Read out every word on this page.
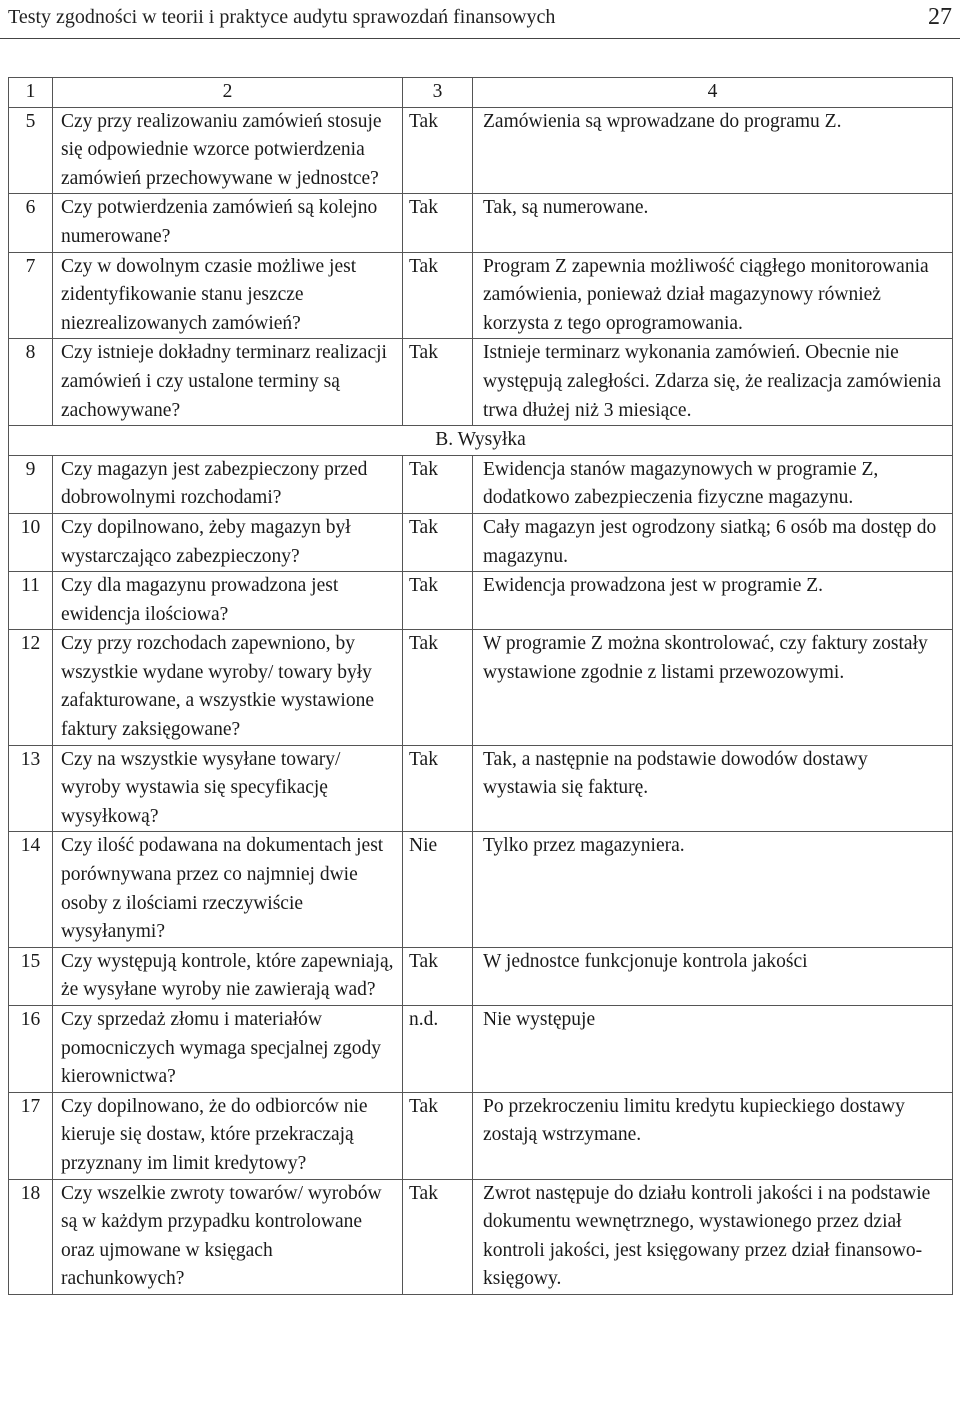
Testy zgodności w teorii i praktyce audytu sprawozdań finansowych	27
1	2	3	4
5	Czy przy realizowaniu zamówień stosuje się odpowiednie wzorce potwierdzenia zamówień przechowywane w jednostce?	Tak	Zamówienia są wprowadzane do programu Z.
6	Czy potwierdzenia zamówień są kolejno numerowane?	Tak	Tak, są numerowane.
7	Czy w dowolnym czasie możliwe jest zidentyfikowanie stanu jeszcze niezrealizowanych zamówień?	Tak	Program Z zapewnia możliwość ciągłego monitorowania zamówienia, ponieważ dział magazynowy również korzysta z tego oprogramowania.
8	Czy istnieje dokładny terminarz realizacji zamówień i czy ustalone terminy są zachowywane?	Tak	Istnieje terminarz wykonania zamówień. Obecnie nie występują zaległości. Zdarza się, że realizacja zamówienia trwa dłużej niż 3 miesiące.
B. Wysyłka			
9	Czy magazyn jest zabezpieczony przed dobrowolnymi rozchodami?	Tak	Ewidencja stanów magazynowych w programie Z, dodatkowo zabezpieczenia fizyczne magazynu.
10	Czy dopilnowano, żeby magazyn był wystarczająco zabezpieczony?	Tak	Cały magazyn jest ogrodzony siatką; 6 osób ma dostęp do magazynu.
11	Czy dla magazynu prowadzona jest ewidencja ilościowa?	Tak	Ewidencja prowadzona jest w programie Z.
12	Czy przy rozchodach zapewniono, by wszystkie wydane wyroby/ towary były zafakturowane, a wszystkie wystawione faktury zaksięgowane?	Tak	W programie Z można skontrolować, czy faktury zostały wystawione zgodnie z listami przewozowymi.
13	Czy na wszystkie wysyłane towary/ wyroby wystawia się specyfikację wysyłkową?	Tak	Tak, a następnie na podstawie dowodów dostawy wystawia się fakturę.
14	Czy ilość podawana na dokumentach jest porównywana przez co najmniej dwie osoby z ilościami rzeczywiście wysyłanymi?	Nie	Tylko przez magazyniera.
15	Czy występują kontrole, które zapewniają, że wysyłane wyroby nie zawierają wad?	Tak	W jednostce funkcjonuje kontrola jakości
16	Czy sprzedaż złomu i materiałów pomocniczych wymaga specjalnej zgody kierownictwa?	n.d.	Nie występuje
17	Czy dopilnowano, że do odbiorców nie kieruje się dostaw, które przekraczają przyznany im limit kredytowy?	Tak	Po przekroczeniu limitu kredytu kupieckiego dostawy zostają wstrzymane.
18	Czy wszelkie zwroty towarów/ wyrobów są w każdym przypadku kontrolowane oraz ujmowane w księgach rachunkowych?	Tak	Zwrot następuje do działu kontroli jakości i na podstawie dokumentu wewnętrznego, wystawionego przez dział kontroli jakości, jest księgowany przez dział finansowo-księgowy.
